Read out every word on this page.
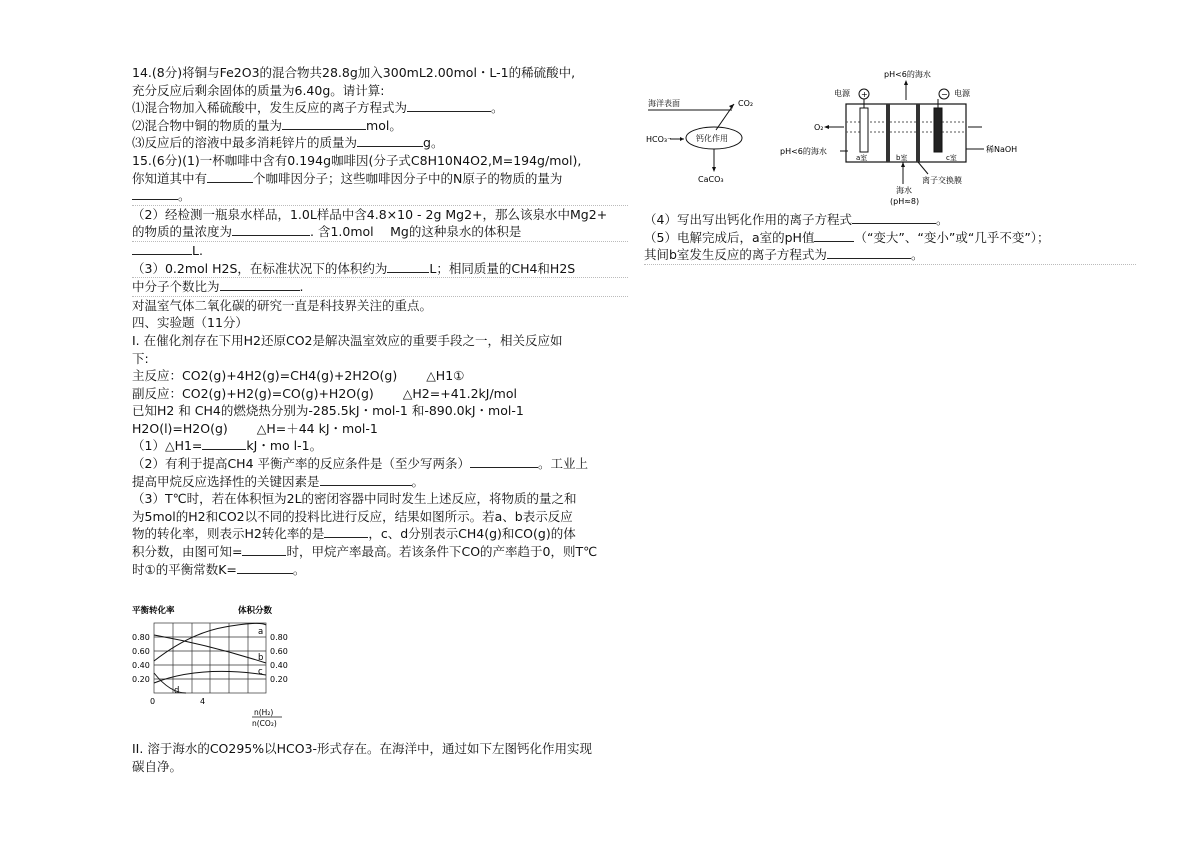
14.(8分)将铜与Fe2O3的混合物共28.8g加入300mL2.00mol・L-1的稀硫酸中,
充分反应后剩余固体的质量为6.40g。请计算:
⑴混合物加入稀硫酸中，发生反应的离子方程式为	。
⑵混合物中铜的物质的量为	mol。
⑶反应后的溶液中最多消耗锌片的质量为	g。
15.(6分)(1)一杯咖啡中含有0.194g咖啡因(分子式C8H10N4O2,M=194g/mol),
你知道其中有	个咖啡因分子；这些咖啡因分子中的N原子的物质的量为
。
（2）经检测一瓶泉水样品，1.0L样品中含4.8×10 - 2g Mg2+，那么该泉水中Mg2+
的物质的量浓度为	. 含1.0mol　 Mg的这种泉水的体积是
L.
（3）0.2mol H2S，在标准状况下的体积约为	L；相同质量的CH4和H2S
中分子个数比为	.
对温室气体二氧化碳的研究一直是科技界关注的重点。
四、实验题（11分）
I. 在催化剂存在下用H2还原CO2是解决温室效应的重要手段之一，相关反应如
下:
主反应：CO2(g)+4H2(g)=CH4(g)+2H2O(g)　　 △H1①
副反应：CO2(g)+H2(g)=CO(g)+H2O(g)　　 △H2=+41.2kJ/mol
已知H2 和 CH4的燃烧热分别为-285.5kJ・mol-1 和-890.0kJ・mol-1
H2O(l)=H2O(g)　　 △H=＋44 kJ・mol-1
（1）△H1=	kJ・mo l-1。
（2）有利于提高CH4 平衡产率的反应条件是（至少写两条）	。工业上
提高甲烷反应选择性的关键因素是	。
（3）T℃时，若在体积恒为2L的密闭容器中同时发生上述反应，将物质的量之和
为5mol的H2和CO2以不同的投料比进行反应，结果如图所示。若a、b表示反应
物的转化率，则表示H2转化率的是	，c、d分别表示CH4(g)和CO(g)的体
积分数，由图可知=	时，甲烷产率最高。若该条件下CO的产率趋于0，则T℃
时①的平衡常数K=	。
平衡转化率	体积分数
0.80
0.60
0.40
0.20
0.80
0.60
0.40
0.20
a
b
c
d
0	4
n(H₂)
n(CO₂)
II. 溶于海水的CO295%以HCO3-形式存在。在海洋中，通过如下左图钙化作用实现
碳自净。
海洋表面	CO₂
HCO₃⁻	钙化作用
CaCO₃
pH<6的海水
电源 +	− 电源
O₂
pH<6的海水	稀NaOH
a室	b室	c室
海水
(pH≈8)
离子交换膜
（4）写出写出钙化作用的离子方程式	。
（5）电解完成后，a室的pH值	（“变大”、“变小”或“几乎不变”）；
其间b室发生反应的离子方程式为	。
